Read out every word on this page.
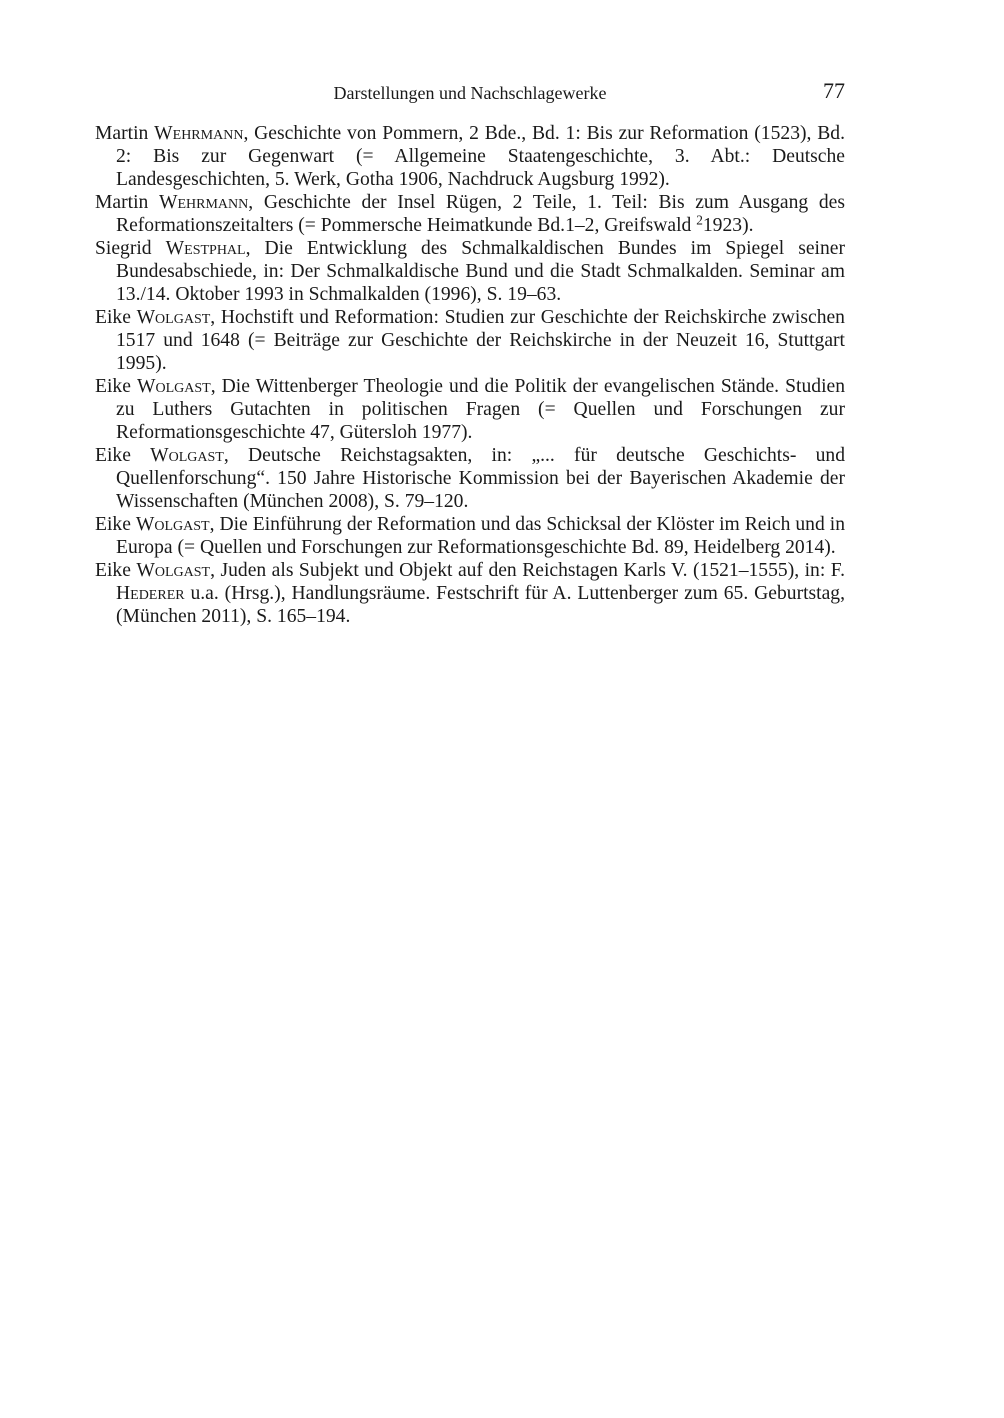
Darstellungen und Nachschlagewerke	77

Martin Wehrmann, Geschichte von Pommern, 2 Bde., Bd. 1: Bis zur Reformation (1523), Bd. 2: Bis zur Gegenwart (= Allgemeine Staatengeschichte, 3. Abt.: Deutsche Landesgeschichten, 5. Werk, Gotha 1906, Nachdruck Augsburg 1992).

Martin Wehrmann, Geschichte der Insel Rügen, 2 Teile, 1. Teil: Bis zum Ausgang des Reformationszeitalters (= Pommersche Heimatkunde Bd.1–2, Greifswald $^2$1923).

Siegrid Westphal, Die Entwicklung des Schmalkaldischen Bundes im Spiegel seiner Bundesabschiede, in: Der Schmalkaldische Bund und die Stadt Schmalkalden. Seminar am 13./14. Oktober 1993 in Schmalkalden (1996), S. 19–63.

Eike Wolgast, Hochstift und Reformation: Studien zur Geschichte der Reichskirche zwischen 1517 und 1648 (= Beiträge zur Geschichte der Reichskirche in der Neuzeit 16, Stuttgart 1995).

Eike Wolgast, Die Wittenberger Theologie und die Politik der evangelischen Stände. Studien zu Luthers Gutachten in politischen Fragen (= Quellen und Forschungen zur Reformationsgeschichte 47, Gütersloh 1977).

Eike Wolgast, Deutsche Reichstagsakten, in: „... für deutsche Geschichts- und Quellenforschung“. 150 Jahre Historische Kommission bei der Bayerischen Akademie der Wissenschaften (München 2008), S. 79–120.

Eike Wolgast, Die Einführung der Reformation und das Schicksal der Klöster im Reich und in Europa (= Quellen und Forschungen zur Reformationsgeschichte Bd. 89, Heidelberg 2014).

Eike Wolgast, Juden als Subjekt und Objekt auf den Reichstagen Karls V. (1521–1555), in: F. Hederer u.a. (Hrsg.), Handlungsräume. Festschrift für A. Luttenberger zum 65. Geburtstag, (München 2011), S. 165–194.
